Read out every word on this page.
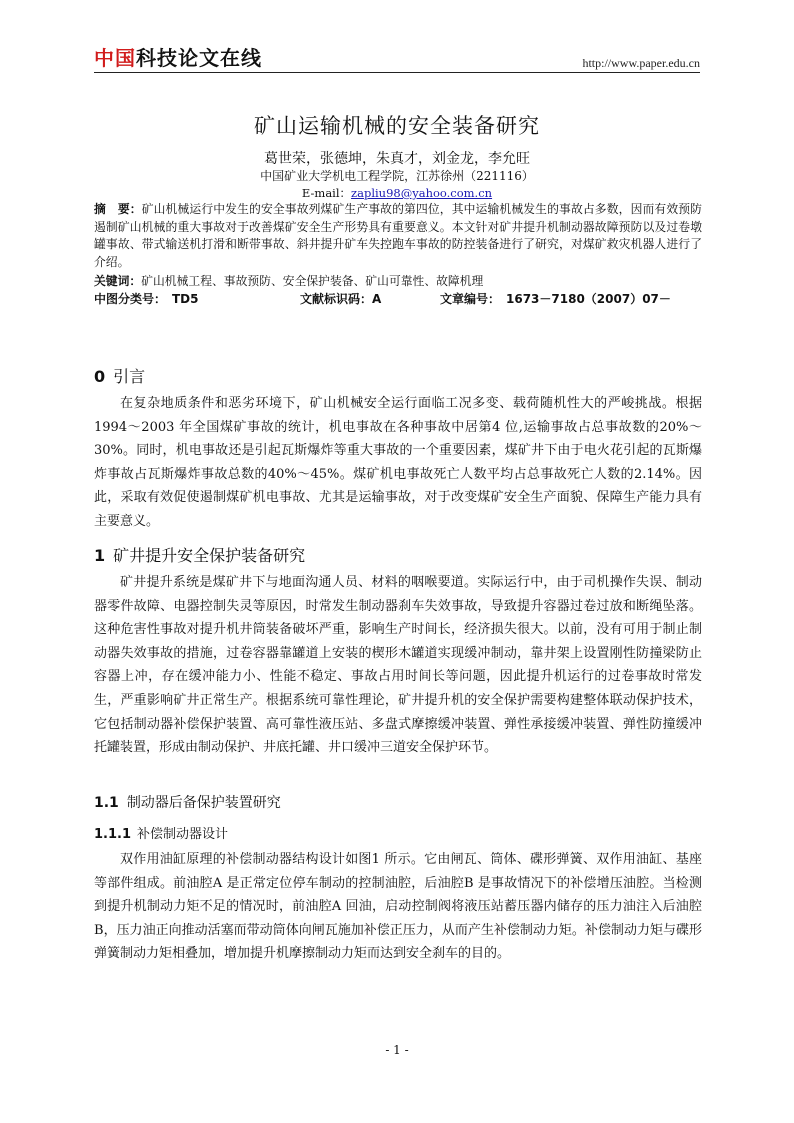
中国科技论文在线	http://www.paper.edu.cn
矿山运输机械的安全装备研究
葛世荣，张德坤，朱真才，刘金龙，李允旺
中国矿业大学机电工程学院，江苏徐州（221116）
E-mail：zapliu98@yahoo.com.cn
摘　要：矿山机械运行中发生的安全事故列煤矿生产事故的第四位，其中运输机械发生的事故占多数，因而有效预防遏制矿山机械的重大事故对于改善煤矿安全生产形势具有重要意义。本文针对矿井提升机制动器故障预防以及过卷墩罐事故、带式输送机打滑和断带事故、斜井提升矿车失控跑车事故的防控装备进行了研究，对煤矿救灾机器人进行了介绍。
关键词：矿山机械工程、事故预防、安全保护装备、矿山可靠性、故障机理
中图分类号：　TD5	文献标识码：A	文章编号：　1673－7180（2007）07－
0 引言

在复杂地质条件和恶劣环境下，矿山机械安全运行面临工况多变、载荷随机性大的严峻挑战。根据1994～2003 年全国煤矿事故的统计，机电事故在各种事故中居第4 位,运输事故占总事故数的20%～30%。同时，机电事故还是引起瓦斯爆炸等重大事故的一个重要因素，煤矿井下由于电火花引起的瓦斯爆炸事故占瓦斯爆炸事故总数的40%～45%。煤矿机电事故死亡人数平均占总事故死亡人数的2.14%。因此，采取有效促使遏制煤矿机电事故、尤其是运输事故，对于改变煤矿安全生产面貌、保障生产能力具有主要意义。

1 矿井提升安全保护装备研究

矿井提升系统是煤矿井下与地面沟通人员、材料的咽喉要道。实际运行中，由于司机操作失误、制动器零件故障、电器控制失灵等原因，时常发生制动器刹车失效事故，导致提升容器过卷过放和断绳坠落。这种危害性事故对提升机井筒装备破坏严重，影响生产时间长，经济损失很大。以前，没有可用于制止制动器失效事故的措施，过卷容器靠罐道上安装的楔形木罐道实现缓冲制动，靠井架上设置刚性防撞梁防止容器上冲，存在缓冲能力小、性能不稳定、事故占用时间长等问题，因此提升机运行的过卷事故时常发生，严重影响矿井正常生产。根据系统可靠性理论，矿井提升机的安全保护需要构建整体联动保护技术，它包括制动器补偿保护装置、高可靠性液压站、多盘式摩擦缓冲装置、弹性承接缓冲装置、弹性防撞缓冲托罐装置，形成由制动保护、井底托罐、井口缓冲三道安全保护环节。

1.1 制动器后备保护装置研究
1.1.1 补偿制动器设计

双作用油缸原理的补偿制动器结构设计如图1 所示。它由闸瓦、筒体、碟形弹簧、双作用油缸、基座等部件组成。前油腔A 是正常定位停车制动的控制油腔，后油腔B 是事故情况下的补偿增压油腔。当检测到提升机制动力矩不足的情况时，前油腔A 回油，启动控制阀将液压站蓄压器内储存的压力油注入后油腔 B，压力油正向推动活塞而带动筒体向闸瓦施加补偿正压力，从而产生补偿制动力矩。补偿制动力矩与碟形弹簧制动力矩相叠加，增加提升机摩擦制动力矩而达到安全刹车的目的。

- 1 -
